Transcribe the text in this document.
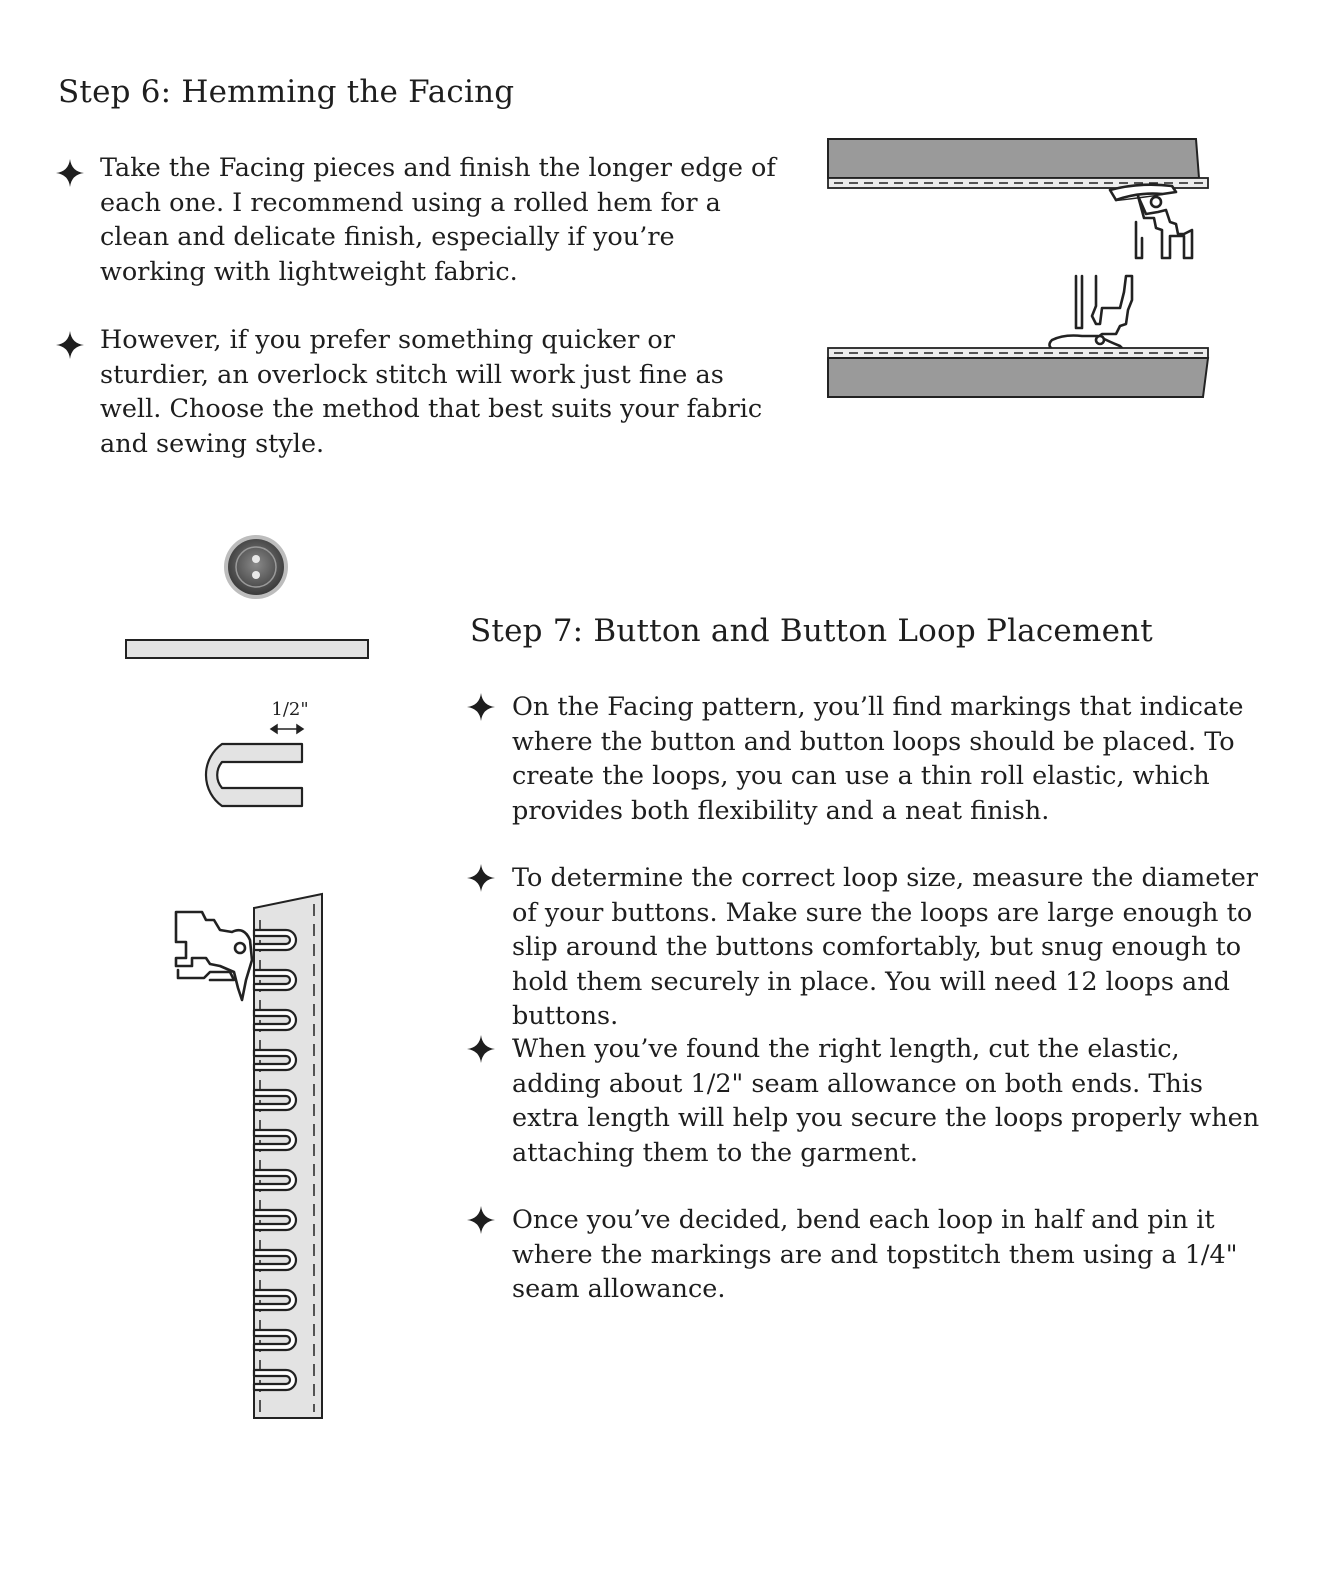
Step 6: Hemming the Facing

Take the Facing pieces and finish the longer edge of each one. I recommend using a rolled hem for a clean and delicate finish, especially if you’re working with lightweight fabric.

However, if you prefer something quicker or sturdier, an overlock stitch will work just fine as well. Choose the method that best suits your fabric and sewing style.

1/2"
Step 7: Button and Button Loop Placement

On the Facing pattern, you’ll find markings that indicate where the button and button loops should be placed. To create the loops, you can use a thin roll elastic, which provides both flexibility and a neat finish.

To determine the correct loop size, measure the diameter of your buttons. Make sure the loops are large enough to slip around the buttons comfortably, but snug enough to hold them securely in place. You will need 12 loops and buttons.

When you’ve found the right length, cut the elastic, adding about 1/2" seam allowance on both ends. This extra length will help you secure the loops properly when attaching them to the garment.

Once you’ve decided, bend each loop in half and pin it where the markings are and topstitch them using a 1/4" seam allowance.
